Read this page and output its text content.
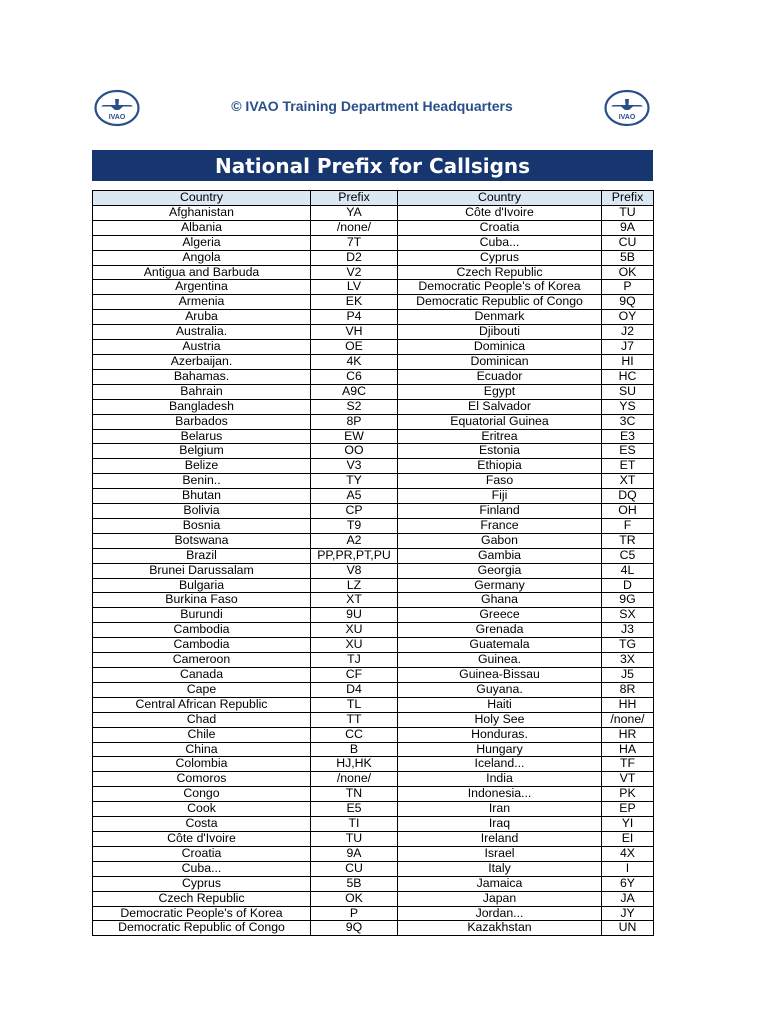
IVAO
© IVAO Training Department Headquarters
IVAO
National Prefix for Callsigns
Country	Prefix	Country	Prefix
Afghanistan	YA	Côte d'Ivoire	TU
Albania	/none/	Croatia	9A
Algeria	7T	Cuba...	CU
Angola	D2	Cyprus	5B
Antigua and Barbuda	V2	Czech Republic	OK
Argentina	LV	Democratic People's of Korea	P
Armenia	EK	Democratic Republic of Congo	9Q
Aruba	P4	Denmark	OY
Australia.	VH	Djibouti	J2
Austria	OE	Dominica	J7
Azerbaijan.	4K	Dominican	HI
Bahamas.	C6	Ecuador	HC
Bahrain	A9C	Egypt	SU
Bangladesh	S2	El Salvador	YS
Barbados	8P	Equatorial Guinea	3C
Belarus	EW	Eritrea	E3
Belgium	OO	Estonia	ES
Belize	V3	Ethiopia	ET
Benin..	TY	Faso	XT
Bhutan	A5	Fiji	DQ
Bolivia	CP	Finland	OH
Bosnia	T9	France	F
Botswana	A2	Gabon	TR
Brazil	PP,PR,PT,PU	Gambia	C5
Brunei Darussalam	V8	Georgia	4L
Bulgaria	LZ	Germany	D
Burkina Faso	XT	Ghana	9G
Burundi	9U	Greece	SX
Cambodia	XU	Grenada	J3
Cambodia	XU	Guatemala	TG
Cameroon	TJ	Guinea.	3X
Canada	CF	Guinea-Bissau	J5
Cape	D4	Guyana.	8R
Central African Republic	TL	Haiti	HH
Chad	TT	Holy See	/none/
Chile	CC	Honduras.	HR
China	B	Hungary	HA
Colombia	HJ,HK	Iceland...	TF
Comoros	/none/	India	VT
Congo	TN	Indonesia...	PK
Cook	E5	Iran	EP
Costa	TI	Iraq	YI
Côte d'Ivoire	TU	Ireland	EI
Croatia	9A	Israel	4X
Cuba...	CU	Italy	I
Cyprus	5B	Jamaica	6Y
Czech Republic	OK	Japan	JA
Democratic People's of Korea	P	Jordan...	JY
Democratic Republic of Congo	9Q	Kazakhstan	UN
